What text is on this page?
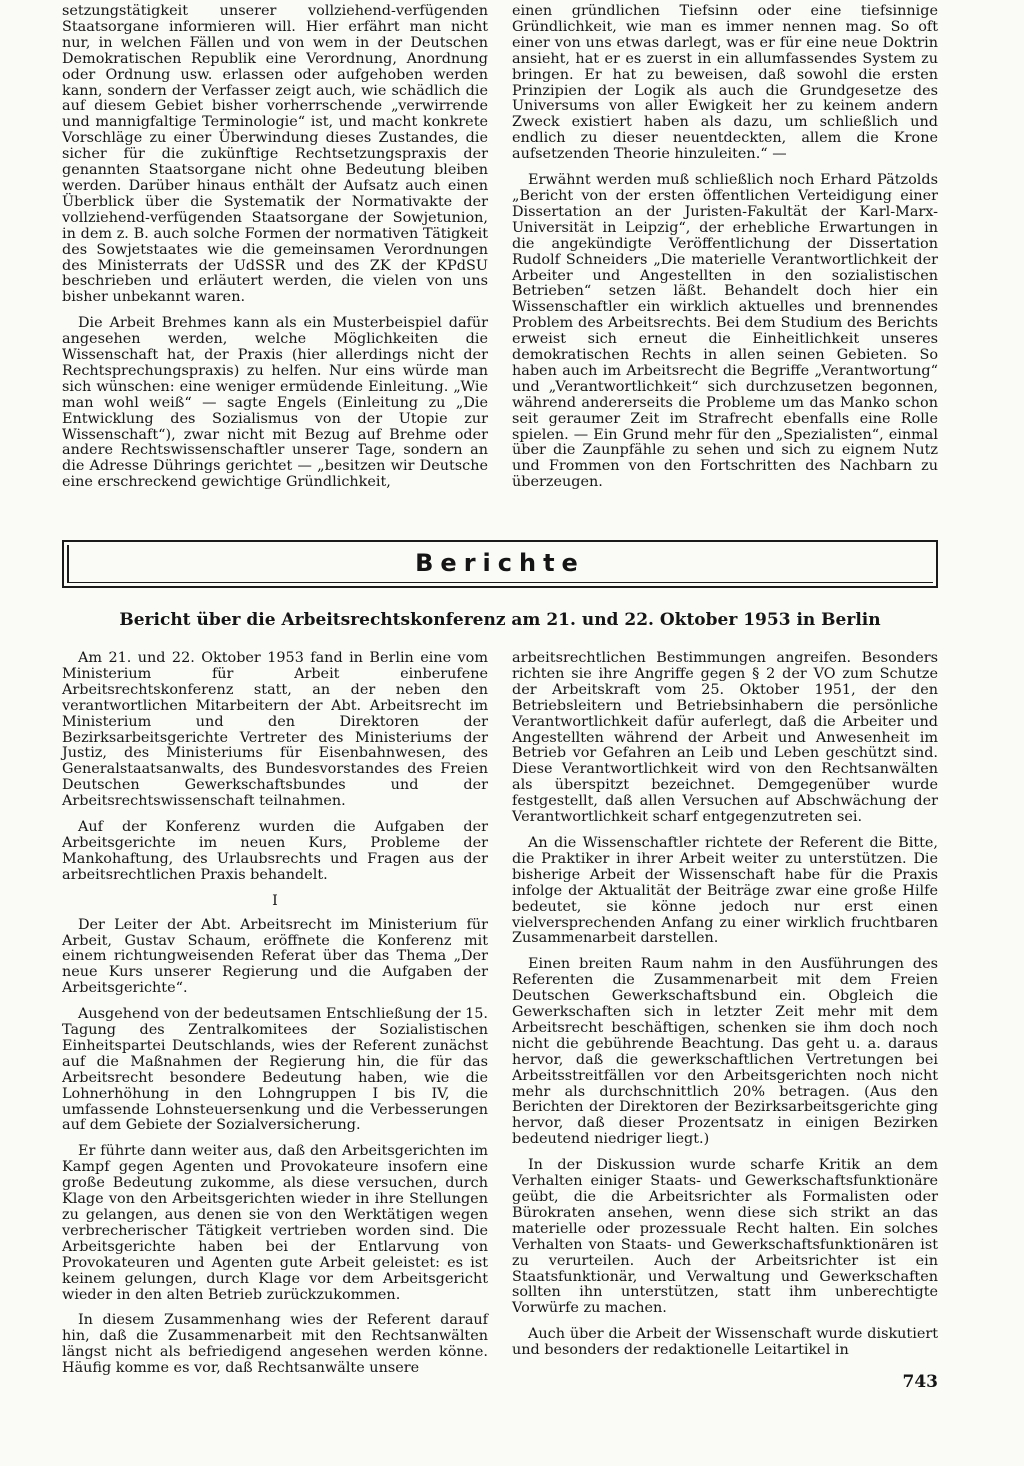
setzungstätigkeit unserer vollziehend-verfügenden Staatsorgane informieren will. Hier erfährt man nicht nur, in welchen Fällen und von wem in der Deutschen Demokratischen Republik eine Verordnung, Anordnung oder Ordnung usw. erlassen oder aufgehoben werden kann, sondern der Verfasser zeigt auch, wie schädlich die auf diesem Gebiet bisher vorherrschende „verwirrende und mannigfaltige Terminologie“ ist, und macht konkrete Vorschläge zu einer Überwindung dieses Zustandes, die sicher für die zukünftige Rechtsetzungspraxis der genannten Staatsorgane nicht ohne Bedeutung bleiben werden. Darüber hinaus enthält der Aufsatz auch einen Überblick über die Systematik der Normativakte der vollziehend-verfügenden Staatsorgane der Sowjetunion, in dem z. B. auch solche Formen der normativen Tätigkeit des Sowjetstaates wie die gemeinsamen Verordnungen des Ministerrats der UdSSR und des ZK der KPdSU beschrieben und erläutert werden, die vielen von uns bisher unbekannt waren.

Die Arbeit Brehmes kann als ein Musterbeispiel dafür angesehen werden, welche Möglichkeiten die Wissenschaft hat, der Praxis (hier allerdings nicht der Rechtsprechungspraxis) zu helfen. Nur eins würde man sich wünschen: eine weniger ermüdende Einleitung. „Wie man wohl weiß“ — sagte Engels (Einleitung zu „Die Entwicklung des Sozialismus von der Utopie zur Wissenschaft“), zwar nicht mit Bezug auf Brehme oder andere Rechtswissenschaftler unserer Tage, sondern an die Adresse Dührings gerichtet — „besitzen wir Deutsche eine erschreckend gewichtige Gründlichkeit,

einen gründlichen Tiefsinn oder eine tiefsinnige Gründlichkeit, wie man es immer nennen mag. So oft einer von uns etwas darlegt, was er für eine neue Doktrin ansieht, hat er es zuerst in ein allumfassendes System zu bringen. Er hat zu beweisen, daß sowohl die ersten Prinzipien der Logik als auch die Grundgesetze des Universums von aller Ewigkeit her zu keinem andern Zweck existiert haben als dazu, um schließlich und endlich zu dieser neuentdeckten, allem die Krone aufsetzenden Theorie hinzuleiten.“ —

Erwähnt werden muß schließlich noch Erhard Pätzolds „Bericht von der ersten öffentlichen Verteidigung einer Dissertation an der Juristen-Fakultät der Karl-Marx-Universität in Leipzig“, der erhebliche Erwartungen in die angekündigte Veröffentlichung der Dissertation Rudolf Schneiders „Die materielle Verantwortlichkeit der Arbeiter und Angestellten in den sozialistischen Betrieben“ setzen läßt. Behandelt doch hier ein Wissenschaftler ein wirklich aktuelles und brennendes Problem des Arbeitsrechts. Bei dem Studium des Berichts erweist sich erneut die Einheitlichkeit unseres demokratischen Rechts in allen seinen Gebieten. So haben auch im Arbeitsrecht die Begriffe „Verantwortung“ und „Verantwortlichkeit“ sich durchzusetzen begonnen, während andererseits die Probleme um das Manko schon seit geraumer Zeit im Strafrecht ebenfalls eine Rolle spielen. — Ein Grund mehr für den „Spezialisten“, einmal über die Zaunpfähle zu sehen und sich zu eignem Nutz und Frommen von den Fortschritten des Nachbarn zu überzeugen.

Berichte
Bericht über die Arbeitsrechtskonferenz am 21. und 22. Oktober 1953 in Berlin

Am 21. und 22. Oktober 1953 fand in Berlin eine vom Ministerium für Arbeit einberufene Arbeitsrechtskonferenz statt, an der neben den verantwortlichen Mitarbeitern der Abt. Arbeitsrecht im Ministerium und den Direktoren der Bezirksarbeitsgerichte Vertreter des Ministeriums der Justiz, des Ministeriums für Eisenbahnwesen, des Generalstaatsanwalts, des Bundesvorstandes des Freien Deutschen Gewerkschaftsbundes und der Arbeitsrechtswissenschaft teilnahmen.

Auf der Konferenz wurden die Aufgaben der Arbeitsgerichte im neuen Kurs, Probleme der Mankohaftung, des Urlaubsrechts und Fragen aus der arbeitsrechtlichen Praxis behandelt.

I

Der Leiter der Abt. Arbeitsrecht im Ministerium für Arbeit, Gustav Schaum, eröffnete die Konferenz mit einem richtungweisenden Referat über das Thema „Der neue Kurs unserer Regierung und die Aufgaben der Arbeitsgerichte“.

Ausgehend von der bedeutsamen Entschließung der 15. Tagung des Zentralkomitees der Sozialistischen Einheitspartei Deutschlands, wies der Referent zunächst auf die Maßnahmen der Regierung hin, die für das Arbeitsrecht besondere Bedeutung haben, wie die Lohnerhöhung in den Lohngruppen I bis IV, die umfassende Lohnsteuersenkung und die Verbesserungen auf dem Gebiete der Sozialversicherung.

Er führte dann weiter aus, daß den Arbeitsgerichten im Kampf gegen Agenten und Provokateure insofern eine große Bedeutung zukomme, als diese versuchen, durch Klage von den Arbeitsgerichten wieder in ihre Stellungen zu gelangen, aus denen sie von den Werktätigen wegen verbrecherischer Tätigkeit vertrieben worden sind. Die Arbeitsgerichte haben bei der Entlarvung von Provokateuren und Agenten gute Arbeit geleistet: es ist keinem gelungen, durch Klage vor dem Arbeitsgericht wieder in den alten Betrieb zurückzukommen.

In diesem Zusammenhang wies der Referent darauf hin, daß die Zusammenarbeit mit den Rechtsanwälten längst nicht als befriedigend angesehen werden könne. Häufig komme es vor, daß Rechtsanwälte unsere

arbeitsrechtlichen Bestimmungen angreifen. Besonders richten sie ihre Angriffe gegen § 2 der VO zum Schutze der Arbeitskraft vom 25. Oktober 1951, der den Betriebsleitern und Betriebsinhabern die persönliche Verantwortlichkeit dafür auferlegt, daß die Arbeiter und Angestellten während der Arbeit und Anwesenheit im Betrieb vor Gefahren an Leib und Leben geschützt sind. Diese Verantwortlichkeit wird von den Rechtsanwälten als überspitzt bezeichnet. Demgegenüber wurde festgestellt, daß allen Versuchen auf Abschwächung der Verantwortlichkeit scharf entgegenzutreten sei.

An die Wissenschaftler richtete der Referent die Bitte, die Praktiker in ihrer Arbeit weiter zu unterstützen. Die bisherige Arbeit der Wissenschaft habe für die Praxis infolge der Aktualität der Beiträge zwar eine große Hilfe bedeutet, sie könne jedoch nur erst einen vielversprechenden Anfang zu einer wirklich fruchtbaren Zusammenarbeit darstellen.

Einen breiten Raum nahm in den Ausführungen des Referenten die Zusammenarbeit mit dem Freien Deutschen Gewerkschaftsbund ein. Obgleich die Gewerkschaften sich in letzter Zeit mehr mit dem Arbeitsrecht beschäftigen, schenken sie ihm doch noch nicht die gebührende Beachtung. Das geht u. a. daraus hervor, daß die gewerkschaftlichen Vertretungen bei Arbeitsstreitfällen vor den Arbeitsgerichten noch nicht mehr als durchschnittlich 20% betragen. (Aus den Berichten der Direktoren der Bezirksarbeitsgerichte ging hervor, daß dieser Prozentsatz in einigen Bezirken bedeutend niedriger liegt.)

In der Diskussion wurde scharfe Kritik an dem Verhalten einiger Staats- und Gewerkschaftsfunktionäre geübt, die die Arbeitsrichter als Formalisten oder Bürokraten ansehen, wenn diese sich strikt an das materielle oder prozessuale Recht halten. Ein solches Verhalten von Staats- und Gewerkschaftsfunktionären ist zu verurteilen. Auch der Arbeitsrichter ist ein Staatsfunktionär, und Verwaltung und Gewerkschaften sollten ihn unterstützen, statt ihm unberechtigte Vorwürfe zu machen.

Auch über die Arbeit der Wissenschaft wurde diskutiert und besonders der redaktionelle Leitartikel in

743
